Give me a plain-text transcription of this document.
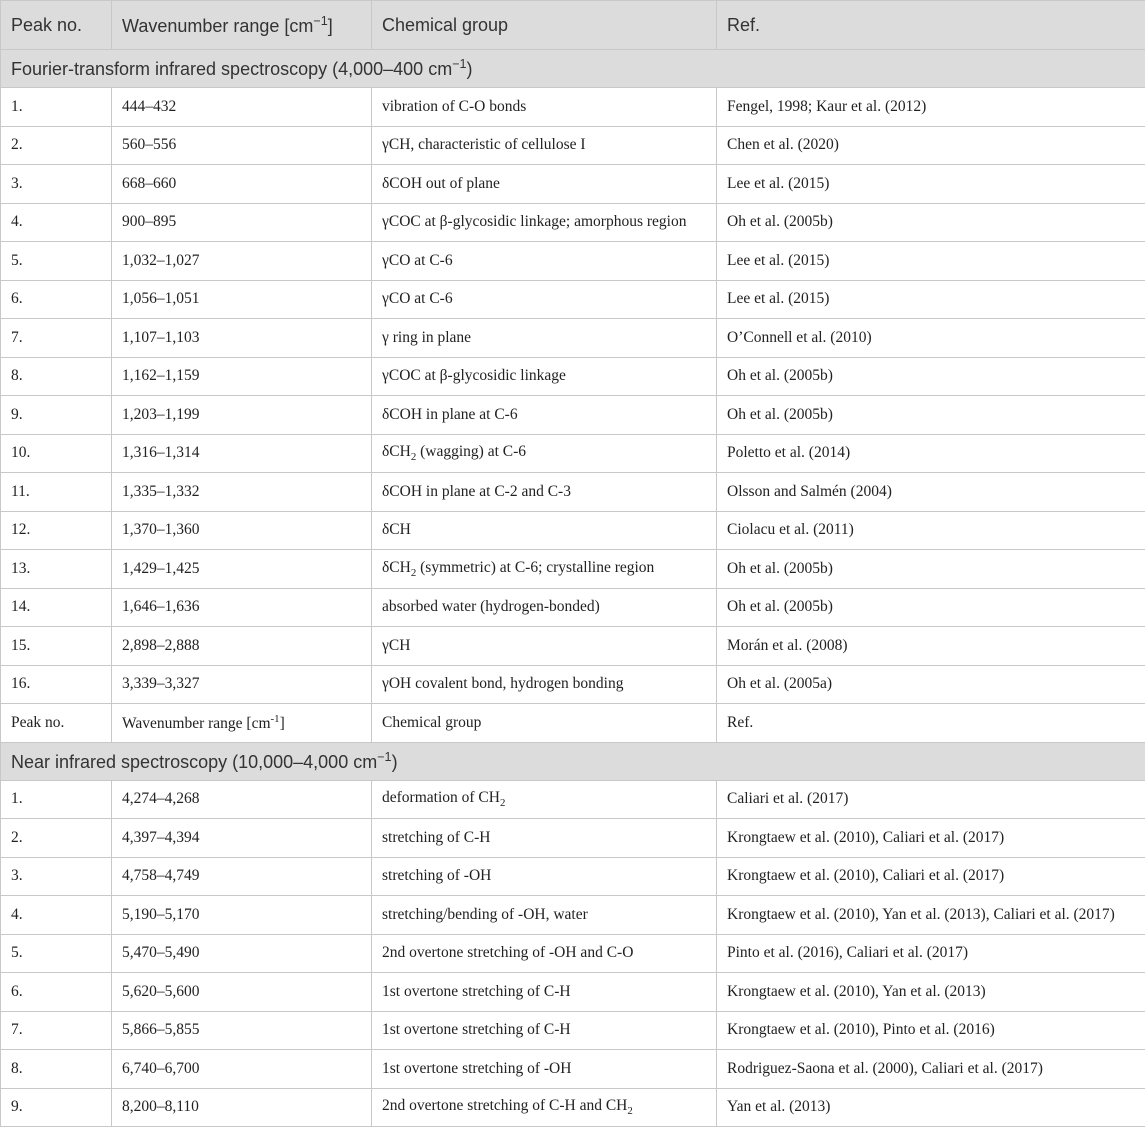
Peak no.	Wavenumber range $[cm^{-1}]$	Chemical group	Ref.
Fourier-transform infrared spectroscopy (4,000–400 $cm^{-1}$)			
1.	444–432	vibration of C-O bonds	Fengel, 1998; Kaur et al. (2012)
2.	560–556	γCH, characteristic of cellulose I	Chen et al. (2020)
3.	668–660	δCOH out of plane	Lee et al. (2015)
4.	900–895	γCOC at β-glycosidic linkage; amorphous region	Oh et al. (2005b)
5.	1,032–1,027	γCO at C-6	Lee et al. (2015)
6.	1,056–1,051	γCO at C-6	Lee et al. (2015)
7.	1,107–1,103	γ ring in plane	O’Connell et al. (2010)
8.	1,162–1,159	γCOC at β-glycosidic linkage	Oh et al. (2005b)
9.	1,203–1,199	δCOH in plane at C-6	Oh et al. (2005b)
10.	1,316–1,314	δCH$_2$ (wagging) at C-6	Poletto et al. (2014)
11.	1,335–1,332	δCOH in plane at C-2 and C-3	Olsson and Salmén (2004)
12.	1,370–1,360	δCH	Ciolacu et al. (2011)
13.	1,429–1,425	δCH$_2$ (symmetric) at C-6; crystalline region	Oh et al. (2005b)
14.	1,646–1,636	absorbed water (hydrogen-bonded)	Oh et al. (2005b)
15.	2,898–2,888	γCH	Morán et al. (2008)
16.	3,339–3,327	γOH covalent bond, hydrogen bonding	Oh et al. (2005a)
Peak no.	Wavenumber range $[cm^{-1}]$	Chemical group	Ref.
Near infrared spectroscopy (10,000–4,000 $cm^{-1}$)			
1.	4,274–4,268	deformation of $CH_2$	Caliari et al. (2017)
2.	4,397–4,394	stretching of C-H	Krongtaew et al. (2010), Caliari et al. (2017)
3.	4,758–4,749	stretching of -OH	Krongtaew et al. (2010), Caliari et al. (2017)
4.	5,190–5,170	stretching/bending of -OH, water	Krongtaew et al. (2010), Yan et al. (2013), Caliari et al. (2017)
5.	5,470–5,490	2nd overtone stretching of -OH and C-O	Pinto et al. (2016), Caliari et al. (2017)
6.	5,620–5,600	1st overtone stretching of C-H	Krongtaew et al. (2010), Yan et al. (2013)
7.	5,866–5,855	1st overtone stretching of C-H	Krongtaew et al. (2010), Pinto et al. (2016)
8.	6,740–6,700	1st overtone stretching of -OH	Rodriguez-Saona et al. (2000), Caliari et al. (2017)
9.	8,200–8,110	2nd overtone stretching of C-H and $CH_2$	Yan et al. (2013)
